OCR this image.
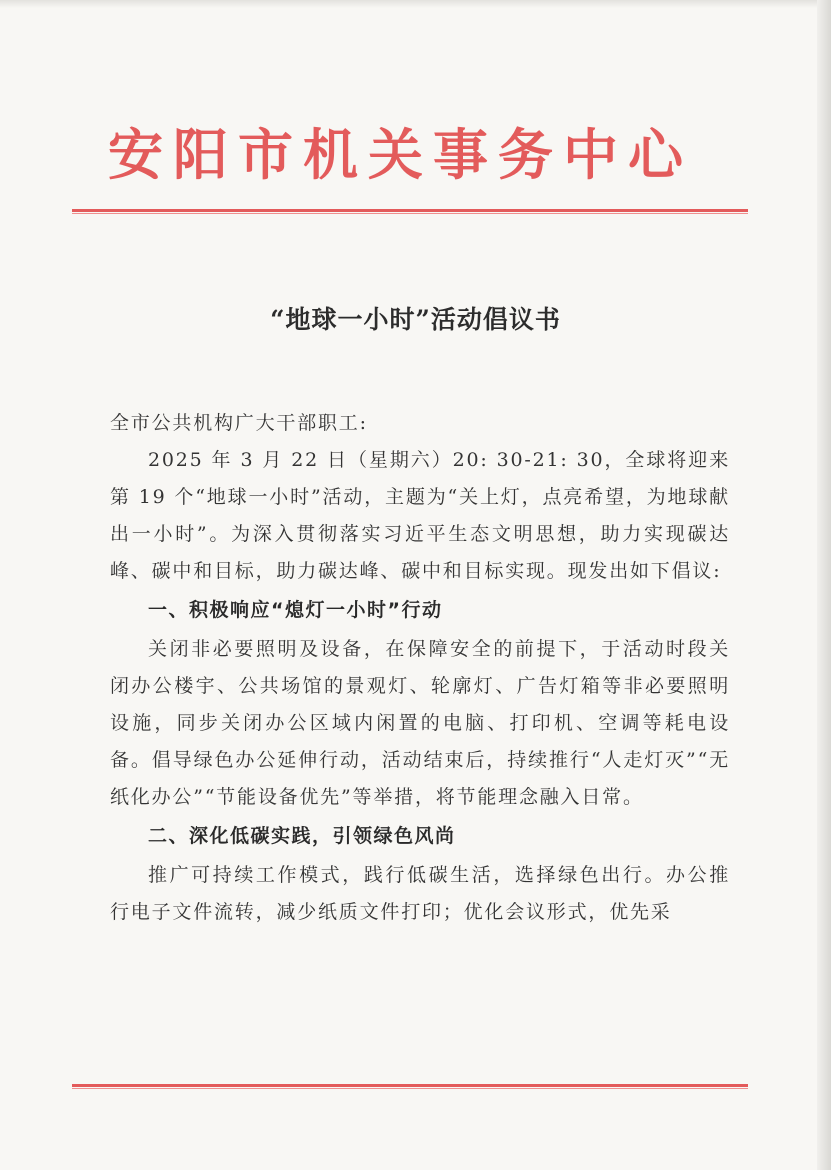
安阳市机关事务中心
“地球一小时”活动倡议书

全市公共机构广大干部职工:

2025 年 3 月 22 日（星期六）20: 30-21: 30，全球将迎来第 19 个“地球一小时”活动，主题为“关上灯，点亮希望，为地球献出一小时”。为深入贯彻落实习近平生态文明思想，助力实现碳达峰、碳中和目标，助力碳达峰、碳中和目标实现。现发出如下倡议:

一、积极响应“熄灯一小时”行动

关闭非必要照明及设备，在保障安全的前提下，于活动时段关闭办公楼宇、公共场馆的景观灯、轮廓灯、广告灯箱等非必要照明设施，同步关闭办公区域内闲置的电脑、打印机、空调等耗电设备。倡导绿色办公延伸行动，活动结束后，持续推行“人走灯灭”“无纸化办公”“节能设备优先”等举措，将节能理念融入日常。

二、深化低碳实践，引领绿色风尚

推广可持续工作模式，践行低碳生活，选择绿色出行。办公推行电子文件流转，减少纸质文件打印；优化会议形式，优先采
